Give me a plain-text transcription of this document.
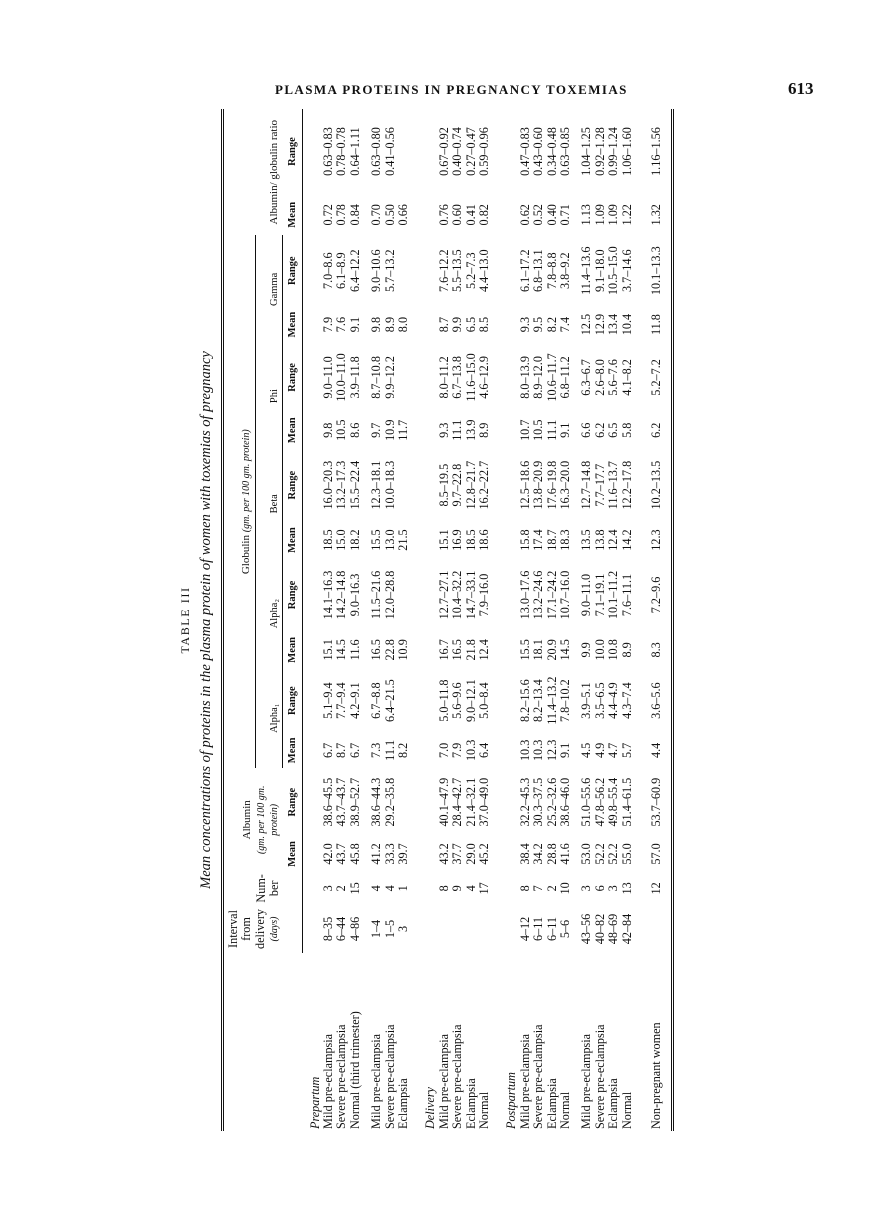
PLASMA PROTEINS IN PREGNANCY TOXEMIAS	613
TABLE III Mean concentrations of proteins in the plasma protein of women with toxemias of pregnancy
	Interval from delivery (days)	Num- ber	Albumin (gm. per 100 gm. protein)		Globulin (gm. per 100 gm. protein)										Albumin/ globulin ratio	
					Alpha₁		Alpha₂		Beta		Phi		Gamma			
			Mean	Range	Mean	Range	Mean	Range	Mean	Range	Mean	Range	Mean	Range	Mean	Range
Prepartum																
Mild pre-eclampsia	8–35	3	42.0	38.6–45.5	6.7	5.1–9.4	15.1	14.1–16.3	18.5	16.0–20.3	9.8	9.0–11.0	7.9	7.0–8.6	0.72	0.63–0.83
Severe pre-eclampsia	6–44	2	43.7	43.7–43.7	8.7	7.7–9.4	14.5	14.2–14.8	15.0	13.2–17.3	10.5	10.0–11.0	7.6	6.1–8.9	0.78	0.78–0.78
Normal (third trimester)	4–86	15	45.8	38.9–52.7	6.7	4.2–9.1	11.6	9.0–16.3	18.2	15.5–22.4	8.6	3.9–11.8	9.1	6.4–12.2	0.84	0.64–1.11
Mild pre-eclampsia	1–4	4	41.2	38.6–44.3	7.3	6.7–8.8	16.5	11.5–21.6	15.5	12.3–18.1	9.7	8.7–10.8	9.8	9.0–10.6	0.70	0.63–0.80
Severe pre-eclampsia	1–5	4	33.3	29.2–35.8	11.1	6.4–21.5	22.8	12.0–28.8	13.0	10.0–18.3	10.9	9.9–12.2	8.9	5.7–13.2	0.50	0.41–0.56
Eclampsia	3	1	39.7		8.2		10.9		21.5		11.7		8.0		0.66	
Delivery																
Mild pre-eclampsia		8	43.2	40.1–47.9	7.0	5.0–11.8	16.7	12.7–27.1	15.1	8.5–19.5	9.3	8.0–11.2	8.7	7.6–12.2	0.76	0.67–0.92
Severe pre-eclampsia		9	37.7	28.4–42.7	7.9	5.6–9.6	16.5	10.4–32.2	16.9	9.7–22.8	11.1	6.7–13.8	9.9	5.5–13.5	0.60	0.40–0.74
Eclampsia		4	29.0	21.4–32.1	10.3	9.0–12.1	21.8	14.7–33.1	18.5	12.8–21.7	13.9	11.6–15.0	6.5	5.2–7.3	0.41	0.27–0.47
Normal		17	45.2	37.0–49.0	6.4	5.0–8.4	12.4	7.9–16.0	18.6	16.2–22.7	8.9	4.6–12.9	8.5	4.4–13.0	0.82	0.59–0.96
Postpartum																
Mild pre-eclampsia	4–12	8	38.4	32.2–45.3	10.3	8.2–15.6	15.5	13.0–17.6	15.8	12.5–18.6	10.7	8.0–13.9	9.3	6.1–17.2	0.62	0.47–0.83
Severe pre-eclampsia	6–11	7	34.2	30.3–37.5	10.3	8.2–13.4	18.1	13.2–24.6	17.4	13.8–20.9	10.5	8.9–12.0	9.5	6.8–13.1	0.52	0.43–0.60
Eclampsia	6–11	2	28.8	25.2–32.6	12.3	11.4–13.2	20.9	17.1–24.2	18.7	17.6–19.8	11.1	10.6–11.7	8.2	7.8–8.8	0.40	0.34–0.48
Normal	5–6	10	41.6	38.6–46.0	9.1	7.8–10.2	14.5	10.7–16.0	18.3	16.3–20.0	9.1	6.8–11.2	7.4	3.8–9.2	0.71	0.63–0.85
Mild pre-eclampsia	43–56	3	53.0	51.0–55.6	4.5	3.9–5.1	9.9	9.0–11.0	13.5	12.7–14.8	6.6	6.3–6.7	12.5	11.4–13.6	1.13	1.04–1.25
Severe pre-eclampsia	40–82	6	52.2	47.8–56.2	4.9	3.5–6.5	10.0	7.1–19.1	13.8	7.7–17.7	6.2	2.6–8.0	12.9	9.1–18.0	1.09	0.92–1.28
Eclampsia	48–69	3	52.2	49.8–55.4	4.7	4.4–4.9	10.8	10.1–11.2	12.4	11.6–13.7	6.5	5.6–7.6	13.4	10.5–15.0	1.09	0.99–1.24
Normal	42–84	13	55.0	51.4–61.5	5.7	4.3–7.4	8.9	7.6–11.1	14.2	12.2–17.8	5.8	4.1–8.2	10.4	3.7–14.6	1.22	1.06–1.60
Non-pregnant women		12	57.0	53.7–60.9	4.4	3.6–5.6	8.3	7.2–9.6	12.3	10.2–13.5	6.2	5.2–7.2	11.8	10.1–13.3	1.32	1.16–1.56
